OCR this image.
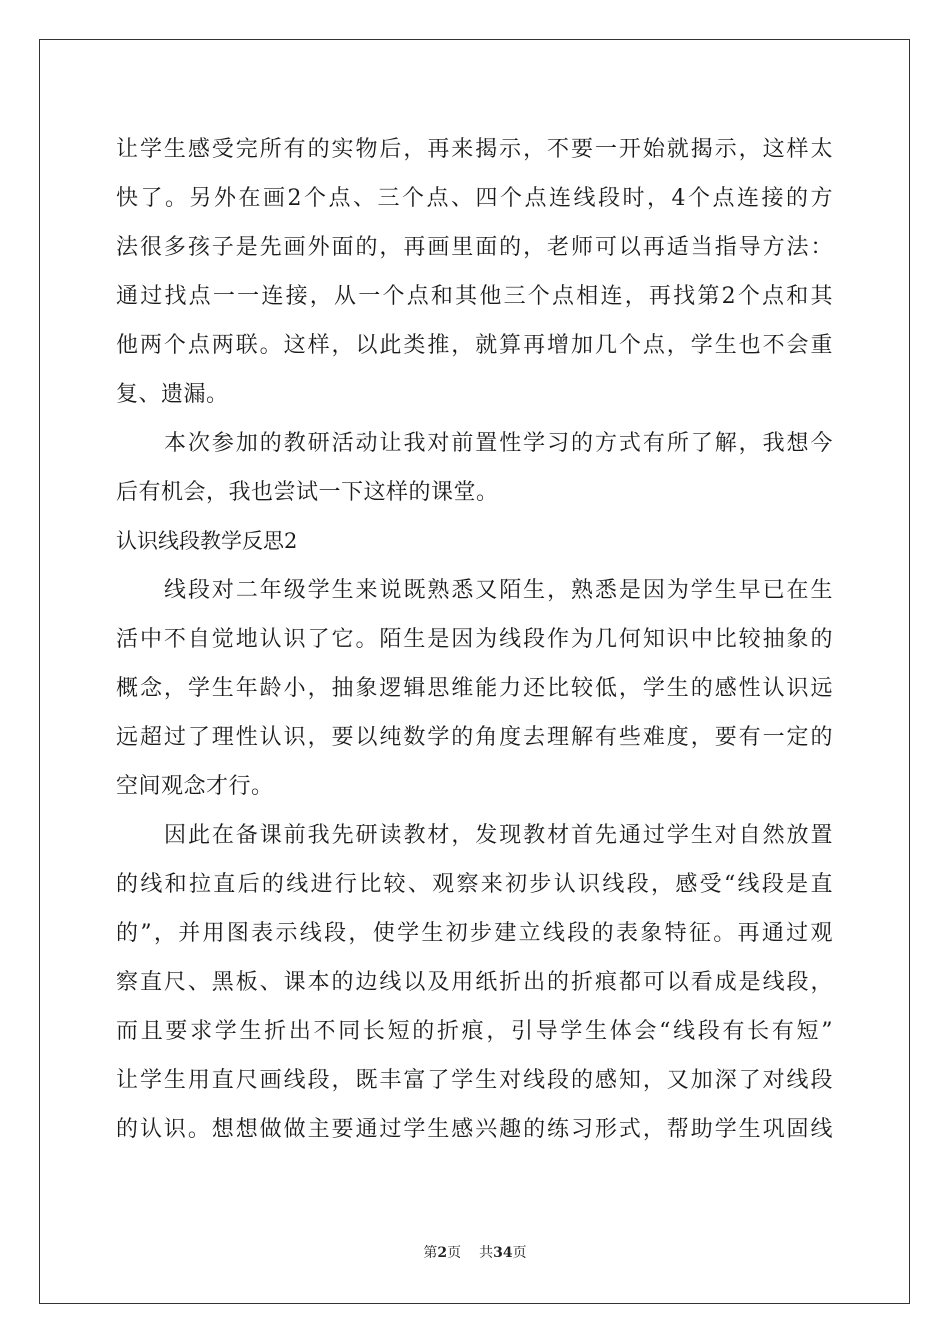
让学生感受完所有的实物后，再来揭示，不要一开始就揭示，这样太
快了。另外在画2个点、三个点、四个点连线段时，4个点连接的方
法很多孩子是先画外面的，再画里面的，老师可以再适当指导方法：
通过找点一一连接，从一个点和其他三个点相连，再找第2个点和其
他两个点两联。这样，以此类推，就算再增加几个点，学生也不会重
复、遗漏。
本次参加的教研活动让我对前置性学习的方式有所了解，我想今
后有机会，我也尝试一下这样的课堂。
认识线段教学反思2
线段对二年级学生来说既熟悉又陌生，熟悉是因为学生早已在生
活中不自觉地认识了它。陌生是因为线段作为几何知识中比较抽象的
概念，学生年龄小，抽象逻辑思维能力还比较低，学生的感性认识远
远超过了理性认识，要以纯数学的角度去理解有些难度，要有一定的
空间观念才行。
因此在备课前我先研读教材，发现教材首先通过学生对自然放置
的线和拉直后的线进行比较、观察来初步认识线段，感受“线段是直
的”，并用图表示线段，使学生初步建立线段的表象特征。再通过观
察直尺、黑板、课本的边线以及用纸折出的折痕都可以看成是线段，
而且要求学生折出不同长短的折痕，引导学生体会“线段有长有短”
让学生用直尺画线段，既丰富了学生对线段的感知，又加深了对线段
的认识。想想做做主要通过学生感兴趣的练习形式，帮助学生巩固线
第2页 共34页
